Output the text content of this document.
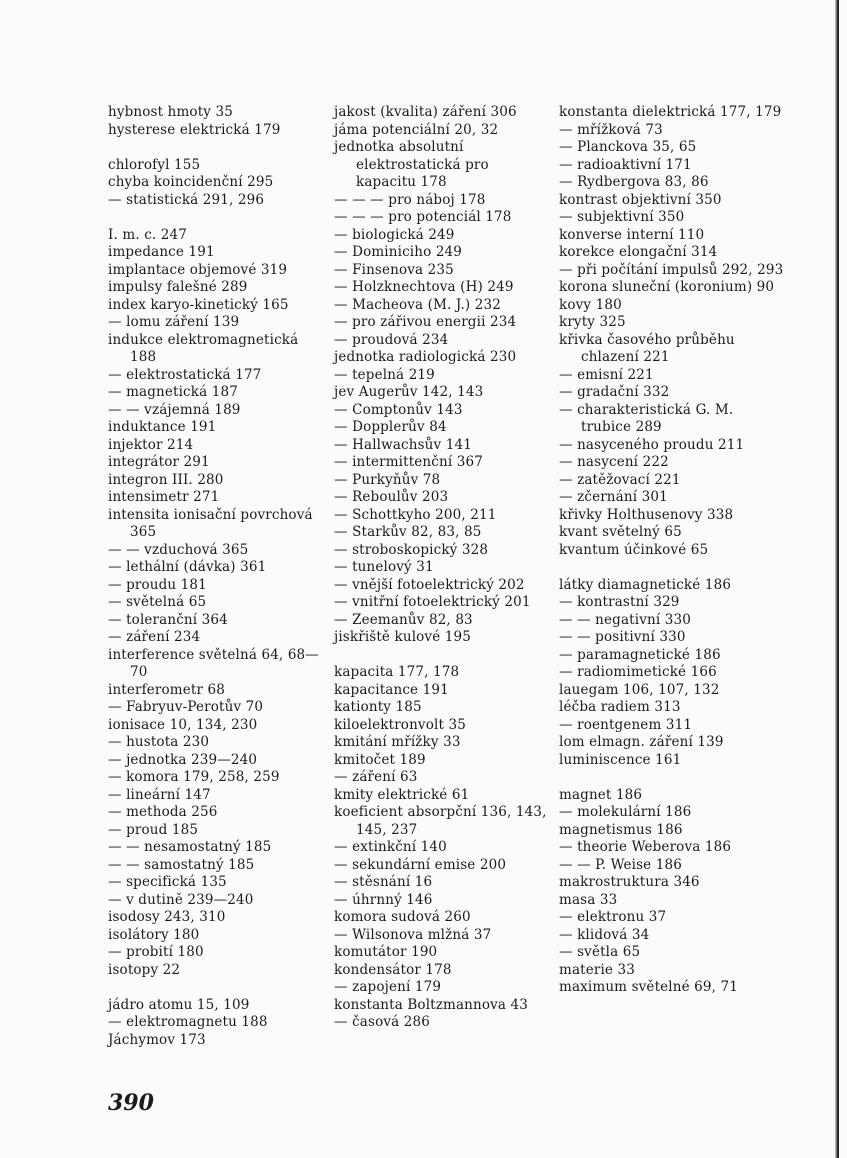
hybnost hmoty 35
hysterese elektrická 179
chlorofyl 155
chyba koincidenční 295
— statistická 291, 296
I. m. c. 247
impedance 191
implantace objemové 319
impulsy falešné 289
index karyo-kinetický 165
— lomu záření 139
indukce elektromagnetická 188
— elektrostatická 177
— magnetická 187
— — vzájemná 189
induktance 191
injektor 214
integrátor 291
integron III. 280
intensimetr 271
intensita ionisační povrchová 365
— — vzduchová 365
— lethální (dávka) 361
— proudu 181
— světelná 65
— toleranční 364
— záření 234
interference světelná 64, 68—70
interferometr 68
— Fabryuv-Perotův 70
ionisace 10, 134, 230
— hustota 230
— jednotka 239—240
— komora 179, 258, 259
— lineární 147
— methoda 256
— proud 185
— — nesamostatný 185
— — samostatný 185
— specifická 135
— v dutině 239—240
isodosy 243, 310
isolátory 180
— probití 180
isotopy 22
jádro atomu 15, 109
— elektromagnetu 188
Jáchymov 173
jakost (kvalita) záření 306
jáma potenciální 20, 32
jednotka absolutní elektrostatická pro kapacitu 178
— — — pro náboj 178
— — — pro potenciál 178
— biologická 249
— Dominiciho 249
— Finsenova 235
— Holzknechtova (H) 249
— Macheova (M. J.) 232
— pro zářivou energii 234
— proudová 234
jednotka radiologická 230
— tepelná 219
jev Augerův 142, 143
— Comptonův 143
— Dopplerův 84
— Hallwachsův 141
— intermittenční 367
— Purkyňův 78
— Reboulův 203
— Schottkyho 200, 211
— Starkův 82, 83, 85
— stroboskopický 328
— tunelový 31
— vnější fotoelektrický 202
— vnitřní fotoelektrický 201
— Zeemanův 82, 83
jiskřiště kulové 195
kapacita 177, 178
kapacitance 191
kationty 185
kiloelektronvolt 35
kmitání mřížky 33
kmitočet 189
— záření 63
kmity elektrické 61
koeficient absorpční 136, 143, 145, 237
— extinkční 140
— sekundární emise 200
— stěsnání 16
— úhrnný 146
komora sudová 260
— Wilsonova mlžná 37
komutátor 190
kondensátor 178
— zapojení 179
konstanta Boltzmannova 43
— časová 286
konstanta dielektrická 177, 179
— mřížková 73
— Planckova 35, 65
— radioaktivní 171
— Rydbergova 83, 86
kontrast objektivní 350
— subjektivní 350
konverse interní 110
korekce elongační 314
— při počítání impulsů 292, 293
korona sluneční (koronium) 90
kovy 180
kryty 325
křivka časového průběhu chlazení 221
— emisní 221
— gradační 332
— charakteristická G. M. trubice 289
— nasyceného proudu 211
— nasycení 222
— zatěžovací 221
— zčernání 301
křivky Holthusenovy 338
kvant světelný 65
kvantum účinkové 65
látky diamagnetické 186
— kontrastní 329
— — negativní 330
— — positivní 330
— paramagnetické 186
— radiomimetické 166
lauegam 106, 107, 132
léčba radiem 313
— roentgenem 311
lom elmagn. záření 139
luminiscence 161
magnet 186
— molekulární 186
magnetismus 186
— theorie Weberova 186
— — P. Weise 186
makrostruktura 346
masa 33
— elektronu 37
— klidová 34
— světla 65
materie 33
maximum světelné 69, 71
390
